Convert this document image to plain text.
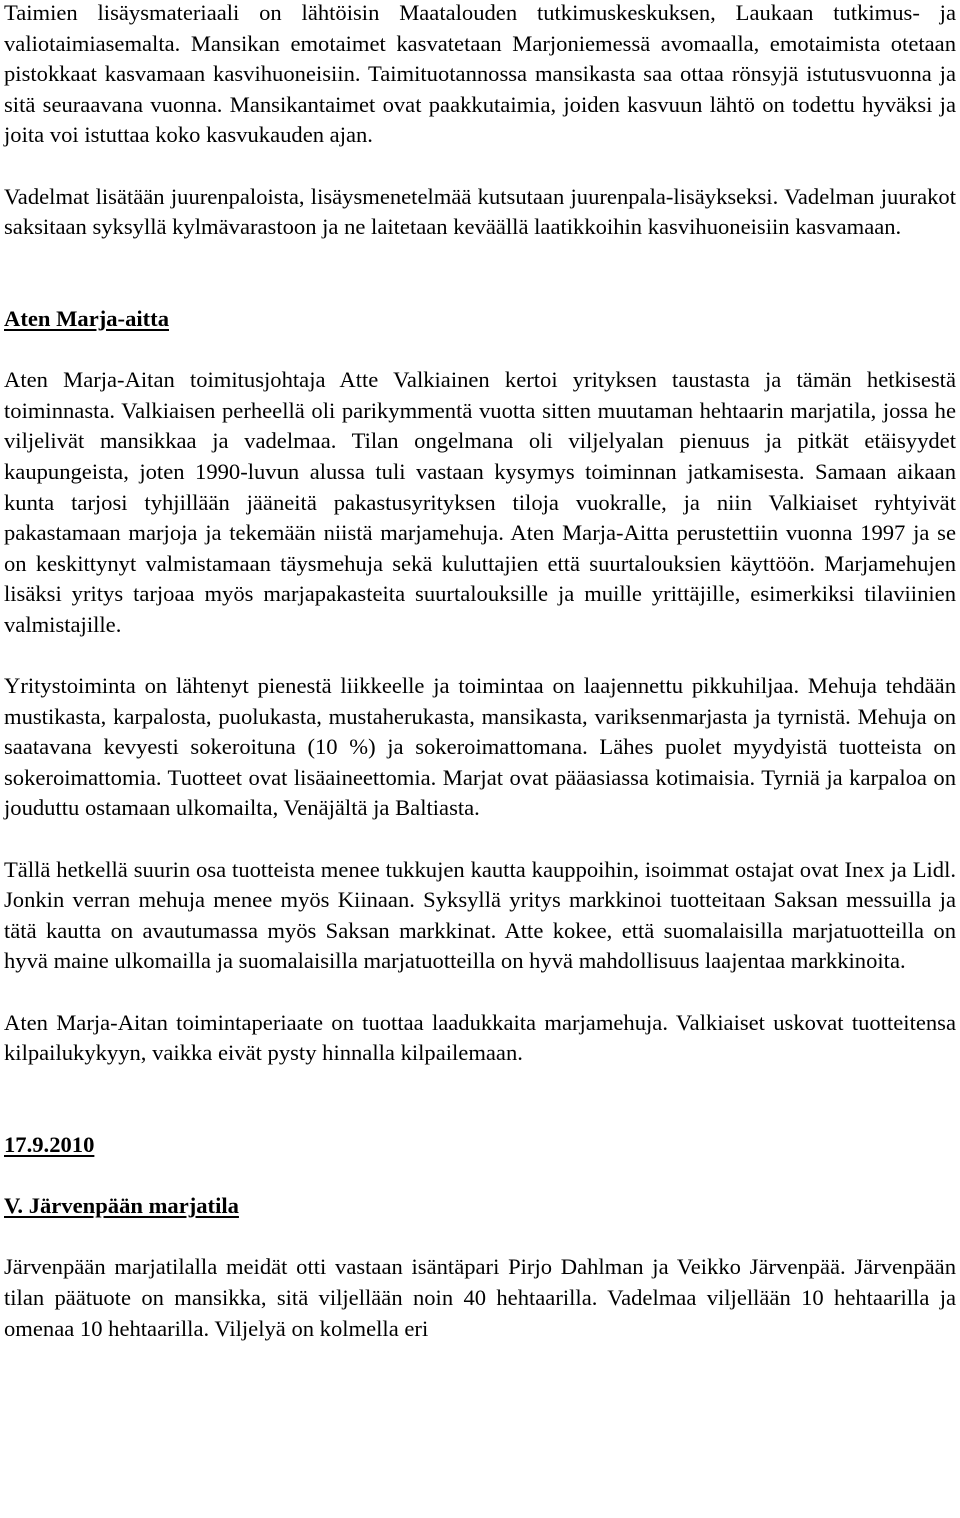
Taimien lisäysmateriaali on lähtöisin Maatalouden tutkimuskeskuksen, Laukaan tutkimus- ja valiotaimiasemalta. Mansikan emotaimet kasvatetaan Marjoniemessä avomaalla, emotaimista otetaan pistokkaat kasvamaan kasvihuoneisiin. Taimituotannossa mansikasta saa ottaa rönsyjä istutusvuonna ja sitä seuraavana vuonna. Mansikantaimet ovat paakkutaimia, joiden kasvuun lähtö on todettu hyväksi ja joita voi istuttaa koko kasvukauden ajan.

Vadelmat lisätään juurenpaloista, lisäysmenetelmää kutsutaan juurenpala-lisäykseksi. Vadelman juurakot saksitaan syksyllä kylmävarastoon ja ne laitetaan keväällä laatikkoihin kasvihuoneisiin kasvamaan.

Aten Marja-aitta

Aten Marja-Aitan toimitusjohtaja Atte Valkiainen kertoi yrityksen taustasta ja tämän hetkisestä toiminnasta. Valkiaisen perheellä oli parikymmentä vuotta sitten muutaman hehtaarin marjatila, jossa he viljelivät mansikkaa ja vadelmaa. Tilan ongelmana oli viljelyalan pienuus ja pitkät etäisyydet kaupungeista, joten 1990-luvun alussa tuli vastaan kysymys toiminnan jatkamisesta. Samaan aikaan kunta tarjosi tyhjillään jääneitä pakastusyrityksen tiloja vuokralle, ja niin Valkiaiset ryhtyivät pakastamaan marjoja ja tekemään niistä marjamehuja. Aten Marja-Aitta perustettiin vuonna 1997 ja se on keskittynyt valmistamaan täysmehuja sekä kuluttajien että suurtalouksien käyttöön. Marjamehujen lisäksi yritys tarjoaa myös marjapakasteita suurtalouksille ja muille yrittäjille, esimerkiksi tilaviinien valmistajille.

Yritystoiminta on lähtenyt pienestä liikkeelle ja toimintaa on laajennettu pikkuhiljaa. Mehuja tehdään mustikasta, karpalosta, puolukasta, mustaherukasta, mansikasta, variksenmarjasta ja tyrnistä. Mehuja on saatavana kevyesti sokeroituna (10 %) ja sokeroimattomana. Lähes puolet myydyistä tuotteista on sokeroimattomia. Tuotteet ovat lisäaineettomia. Marjat ovat pääasiassa kotimaisia. Tyrniä ja karpaloa on jouduttu ostamaan ulkomailta, Venäjältä ja Baltiasta.

Tällä hetkellä suurin osa tuotteista menee tukkujen kautta kauppoihin, isoimmat ostajat ovat Inex ja Lidl. Jonkin verran mehuja menee myös Kiinaan. Syksyllä yritys markkinoi tuotteitaan Saksan messuilla ja tätä kautta on avautumassa myös Saksan markkinat. Atte kokee, että suomalaisilla marjatuotteilla on hyvä maine ulkomailla ja suomalaisilla marjatuotteilla on hyvä mahdollisuus laajentaa markkinoita.

Aten Marja-Aitan toimintaperiaate on tuottaa laadukkaita marjamehuja. Valkiaiset uskovat tuotteitensa kilpailukykyyn, vaikka eivät pysty hinnalla kilpailemaan.

17.9.2010

V. Järvenpään marjatila

Järvenpään marjatilalla meidät otti vastaan isäntäpari Pirjo Dahlman ja Veikko Järvenpää. Järvenpään tilan päätuote on mansikka, sitä viljellään noin 40 hehtaarilla. Vadelmaa viljellään 10 hehtaarilla ja omenaa 10 hehtaarilla. Viljelyä on kolmella eri
